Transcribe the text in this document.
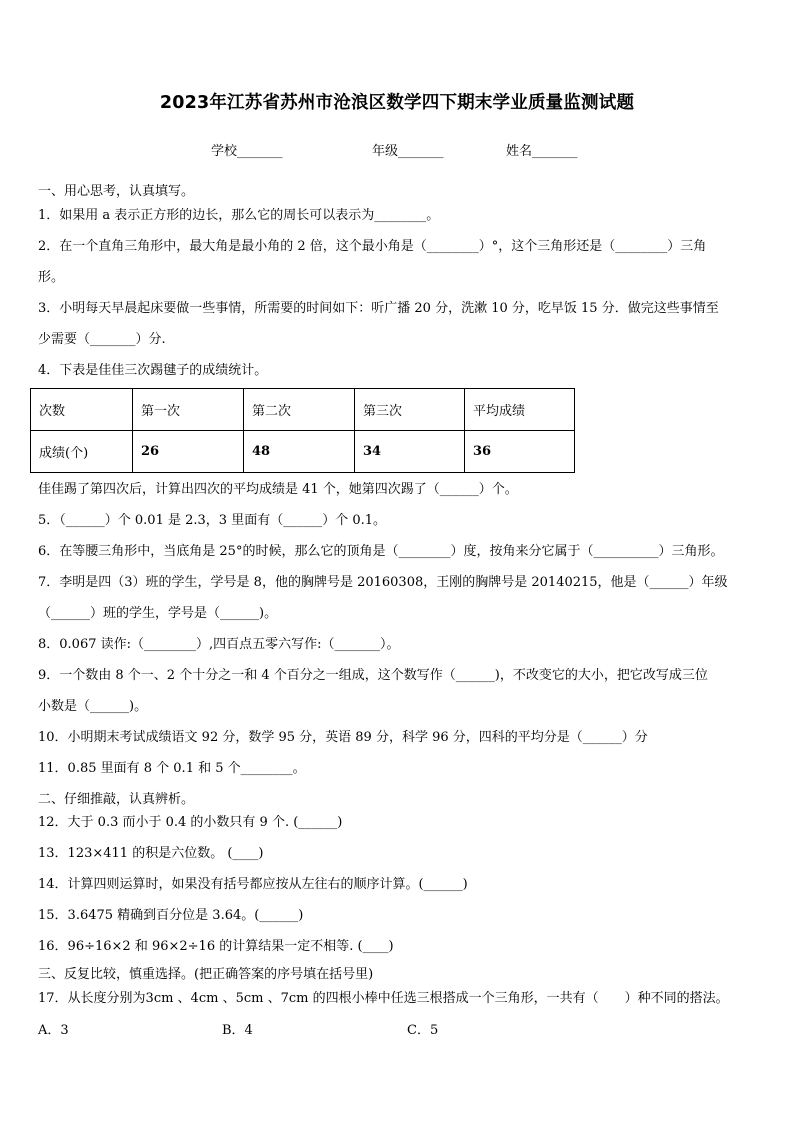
2023年江苏省苏州市沧浪区数学四下期末学业质量监测试题
学校_______	年级_______	姓名_______
一、用心思考，认真填写。
1．如果用 a 表示正方形的边长，那么它的周长可以表示为________。
2．在一个直角三角形中，最大角是最小角的 2 倍，这个最小角是（________）°，这个三角形还是（________）三角
形。
3．小明每天早晨起床要做一些事情，所需要的时间如下：听广播 20 分，洗漱 10 分，吃早饭 15 分．做完这些事情至
少需要（_______）分.
4．下表是佳佳三次踢毽子的成绩统计。
次数	第一次	第二次	第三次	平均成绩
成绩(个)	26	48	34	36
佳佳踢了第四次后，计算出四次的平均成绩是 41 个，她第四次踢了（______）个。
5．（______）个 0.01 是 2.3，3 里面有（______）个 0.1。
6．在等腰三角形中，当底角是 25°的时候，那么它的顶角是（________）度，按角来分它属于（__________）三角形。
7．李明是四（3）班的学生，学号是 8，他的胸牌号是 20160308，王刚的胸牌号是 20140215，他是（______）年级
（______）班的学生，学号是（______)。
8．0.067 读作:（________）,四百点五零六写作:（_______）。
9．一个数由 8 个一、2 个十分之一和 4 个百分之一组成，这个数写作（______)，不改变它的大小，把它改写成三位
小数是（______)。
10．小明期末考试成绩语文 92 分，数学 95 分，英语 89 分，科学 96 分，四科的平均分是（______）分
11．0.85 里面有 8 个 0.1 和 5 个________。
二、仔细推敲，认真辨析。
12．大于 0.3 而小于 0.4 的小数只有 9 个. (______)
13．123×411 的积是六位数。 (____)
14．计算四则运算时，如果没有括号都应按从左往右的顺序计算。(______)
15．3.6475 精确到百分位是 3.64。(______)
16．96÷16×2 和 96×2÷16 的计算结果一定不相等. (____)
三、反复比较，慎重选择。(把正确答案的序号填在括号里)
17．从长度分别为3cm 、4cm 、5cm 、7cm 的四根小棒中任选三根搭成一个三角形，一共有（　　）种不同的搭法。
A．3	B．4	C．5
